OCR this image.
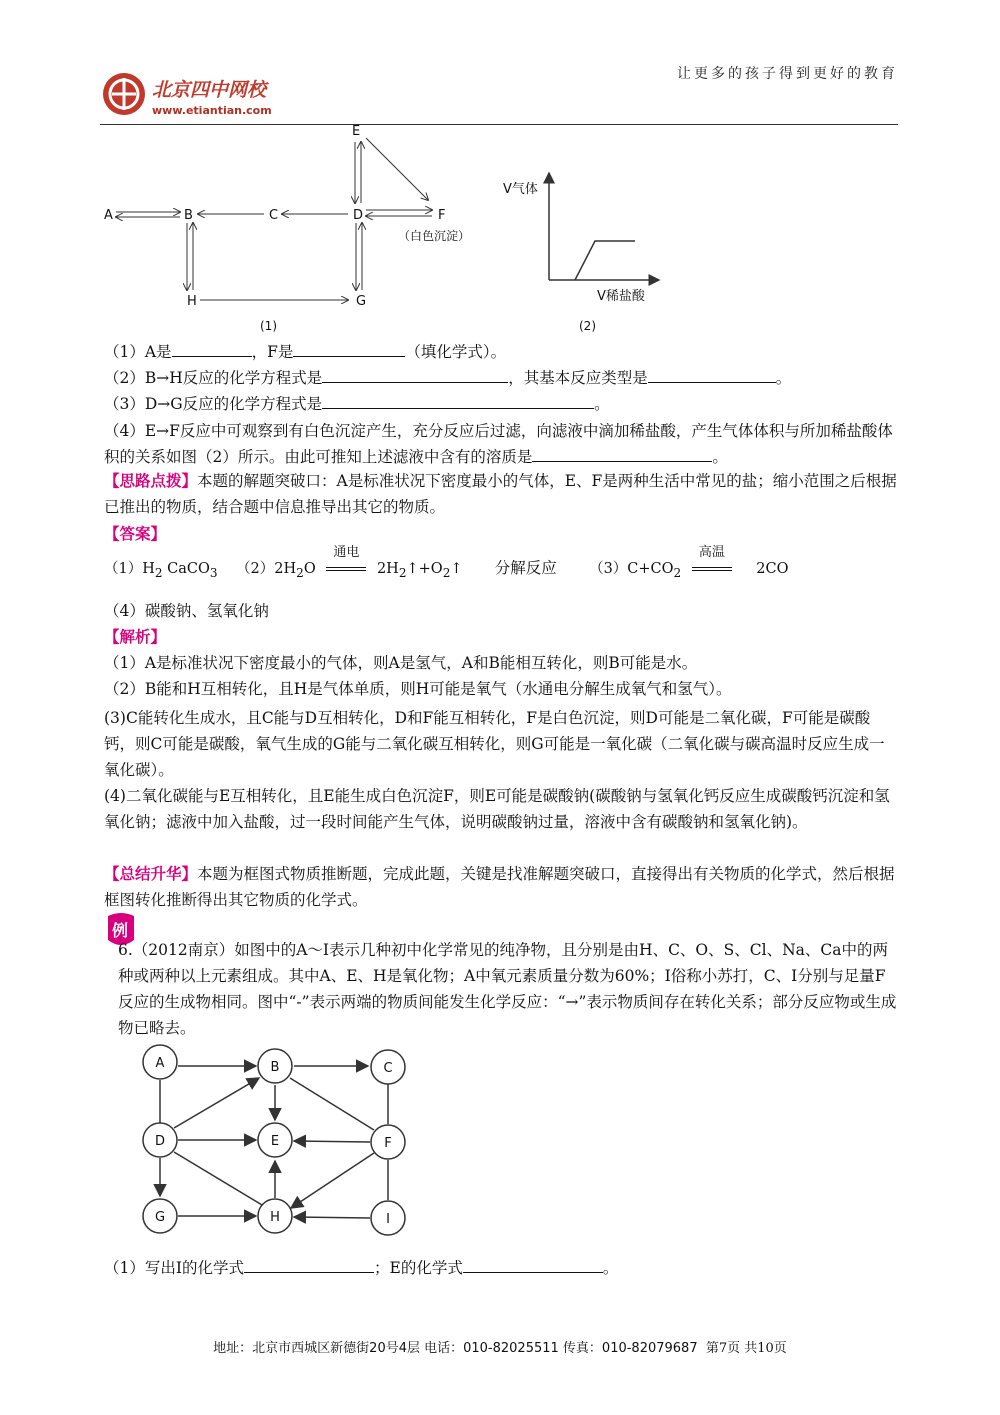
北京四中网校
www.etiantian.com
让更多的孩子得到更好的教育
A	B	C	D
E
F
H	G
（白色沉淀）
(1)
V气体
V稀盐酸
(2)
（1）A是	，F是	（填化学式）。
（2）B→H反应的化学方程式是	，其基本反应类型是	。
（3）D→G反应的化学方程式是	。
（4）E→F反应中可观察到有白色沉淀产生，充分反应后过滤，向滤液中滴加稀盐酸，产生气体体积与所加稀盐酸体积的关系如图（2）所示。由此可推知上述滤液中含有的溶质是	。
【思路点拨】本题的解题突破口：A是标准状况下密度最小的气体，E、F是两种生活中常见的盐；缩小范围之后根据已推出的物质，结合题中信息推导出其它的物质。
【答案】
$(1)H_2$ CaCO$_3$ $(2)2H_2O$
通电
$2H_2↑+O_2↑$ 分解反应 $(3)C+CO_2$
高温
2CO
（4）碳酸钠、氢氧化钠
【解析】
（1）A是标准状况下密度最小的气体，则A是氢气，A和B能相互转化，则B可能是水。
（2）B能和H互相转化，且H是气体单质，则H可能是氧气（水通电分解生成氧气和氢气）。
(3)C能转化生成水，且C能与D互相转化，D和F能互相转化，F是白色沉淀，则D可能是二氧化碳，F可能是碳酸钙，则C可能是碳酸，氧气生成的G能与二氧化碳互相转化，则G可能是一氧化碳（二氧化碳与碳高温时反应生成一氧化碳）。
(4)二氧化碳能与E互相转化，且E能生成白色沉淀F，则E可能是碳酸钠(碳酸钠与氢氧化钙反应生成碳酸钙沉淀和氢氧化钠；滤液中加入盐酸，过一段时间能产生气体，说明碳酸钠过量，溶液中含有碳酸钠和氢氧化钠)。
【总结升华】本题为框图式物质推断题，完成此题，关键是找准解题突破口，直接得出有关物质的化学式，然后根据框图转化推断得出其它物质的化学式。
例
6.（2012南京）如图中的A～I表示几种初中化学常见的纯净物，且分别是由H、C、O、S、Cl、Na、Ca中的两种或两种以上元素组成。其中A、E、H是氧化物；A中氧元素质量分数为60%；I俗称小苏打，C、I分别与足量F反应的生成物相同。图中“-”表示两端的物质间能发生化学反应：“→”表示物质间存在转化关系；部分反应物或生成物已略去。
A	B	C
D	E	F
G	H	I
（1）写出I的化学式	；E的化学式	。
地址：北京市西城区新德街20号4层 电话：010-82025511 传真：010-82079687 第7页 共10页
